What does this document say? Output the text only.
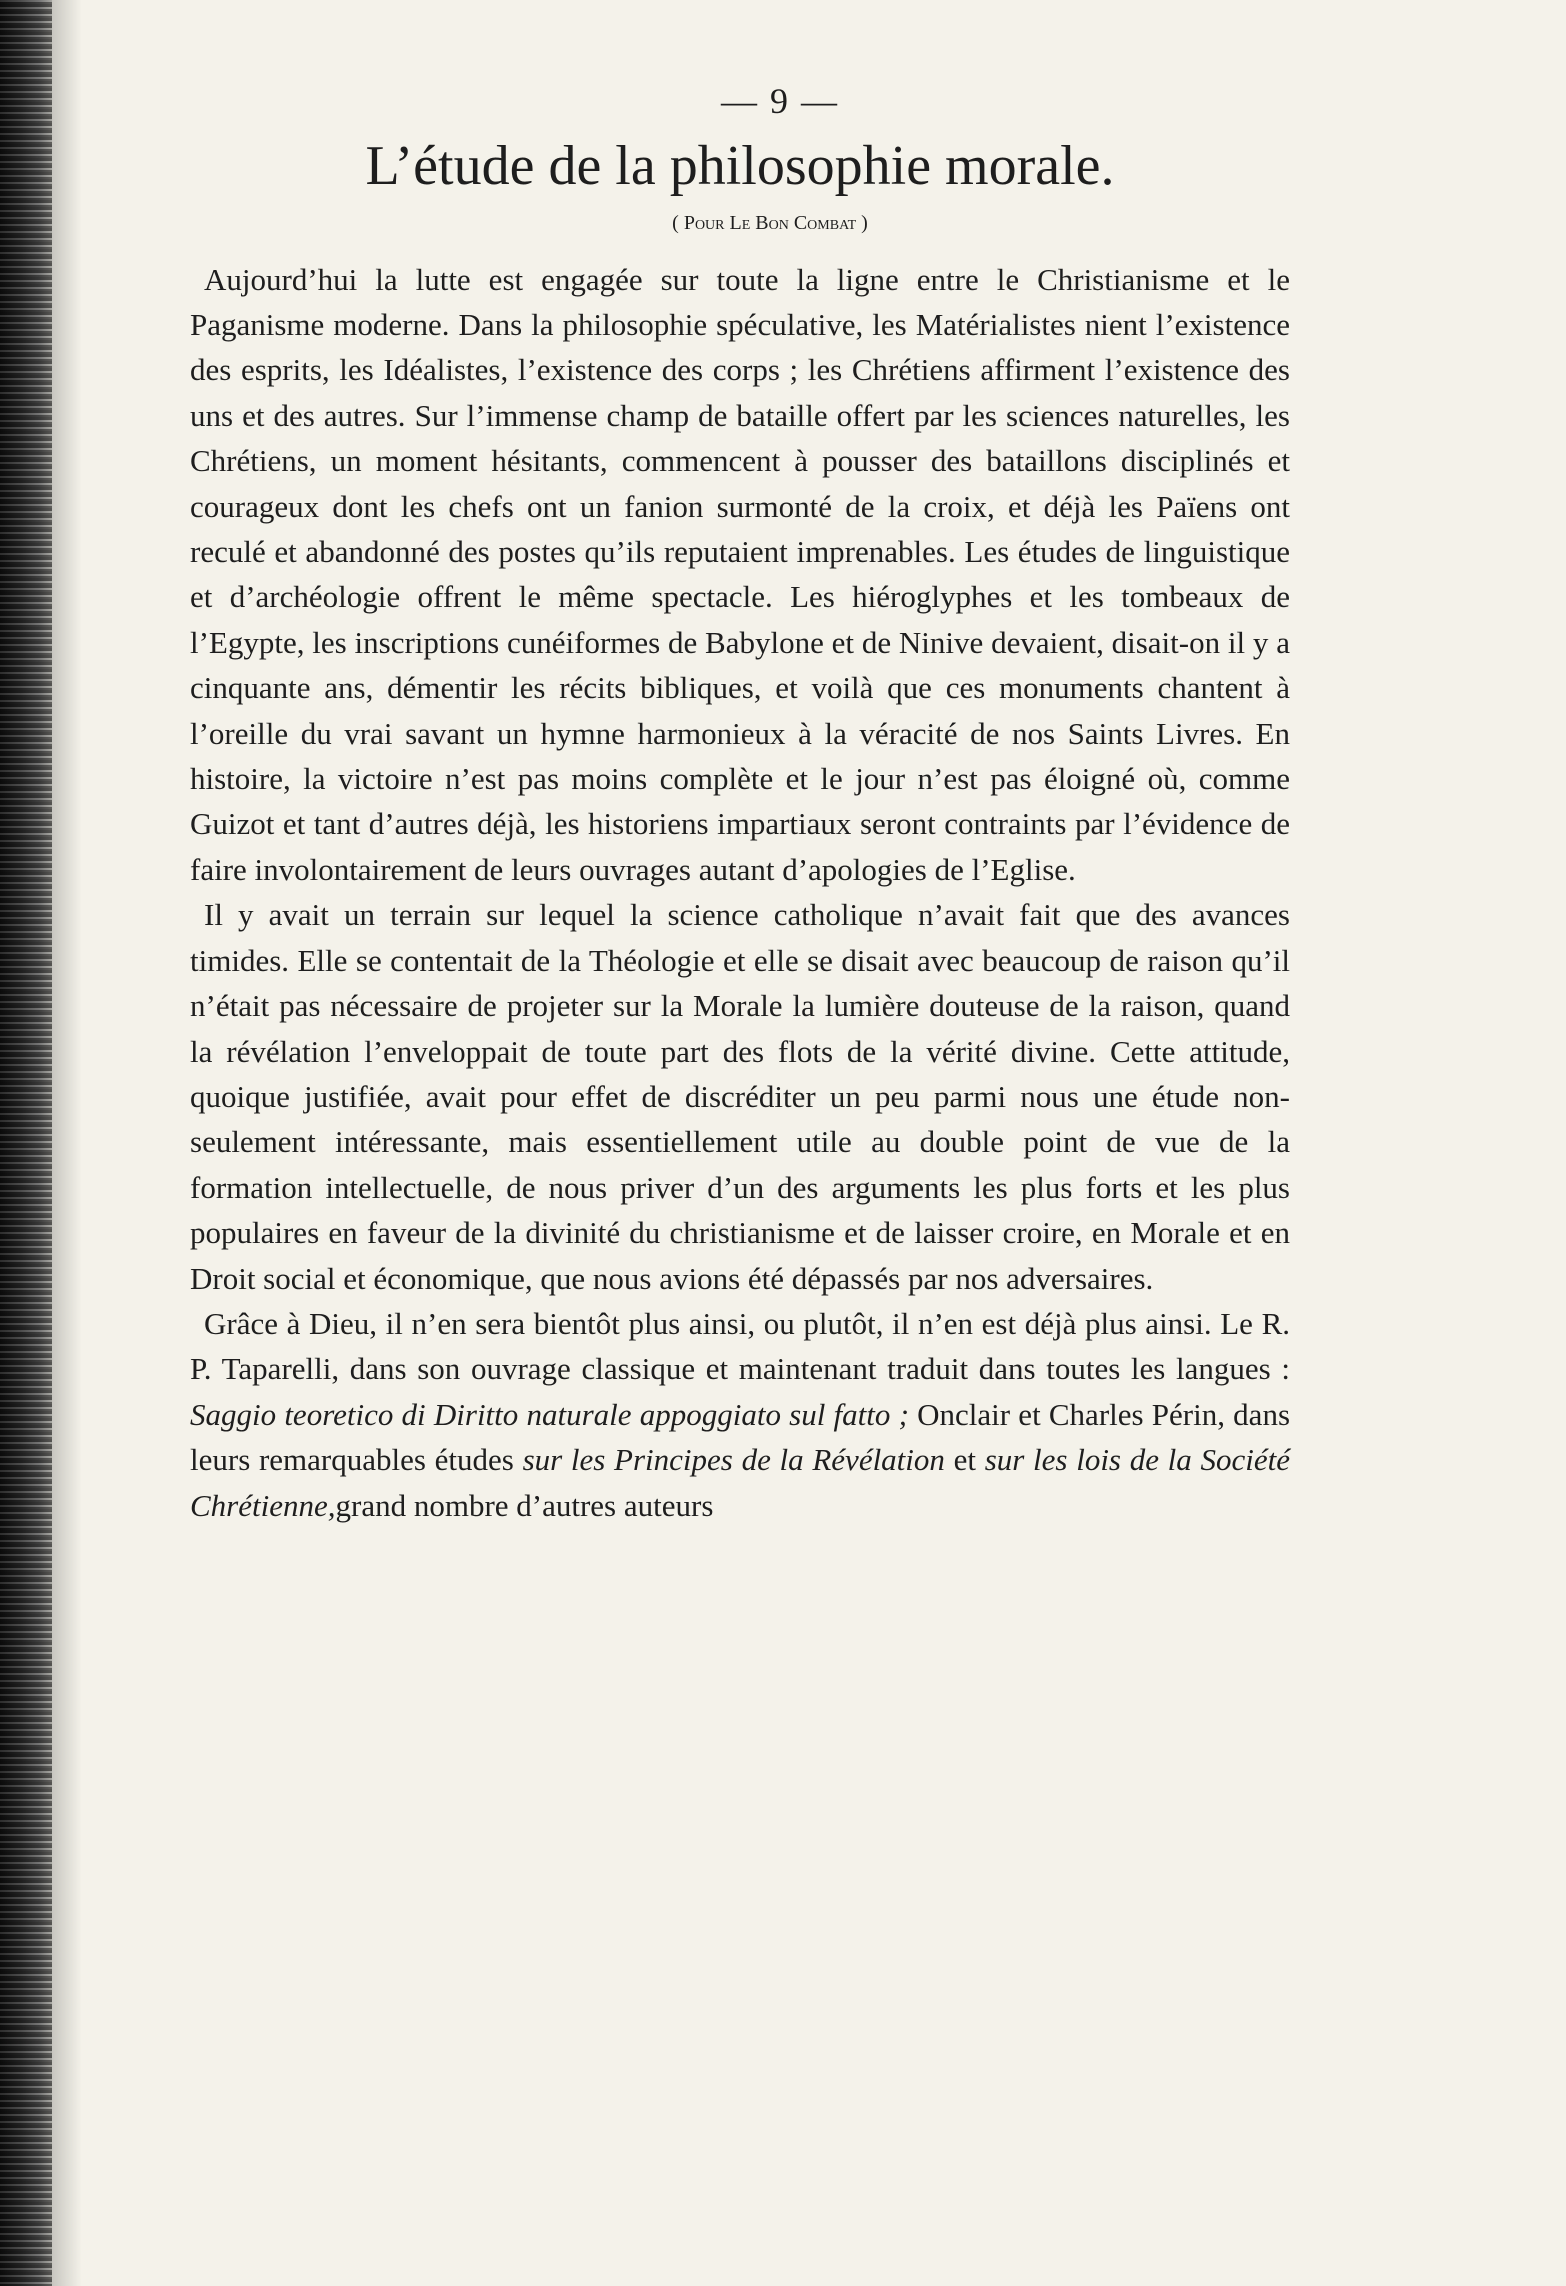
— 9 —
L’étude de la philosophie morale.
( Pour Le Bon Combat )

Aujourd’hui la lutte est engagée sur toute la ligne entre le Christianisme et le Paganisme moderne. Dans la philosophie spéculative, les Matérialistes nient l’existence des esprits, les Idéalistes, l’existence des corps ; les Chrétiens affirment l’existence des uns et des autres. Sur l’immense champ de bataille offert par les sciences naturelles, les Chrétiens, un moment hésitants, commencent à pousser des bataillons disciplinés et courageux dont les chefs ont un fanion surmonté de la croix, et déjà les Païens ont reculé et abandonné des postes qu’ils reputaient imprenables. Les études de linguistique et d’archéologie offrent le même spectacle. Les hiéroglyphes et les tombeaux de l’Egypte, les inscriptions cunéiformes de Babylone et de Ninive devaient, disait-on il y a cinquante ans, démentir les récits bibliques, et voilà que ces monuments chantent à l’oreille du vrai savant un hymne harmonieux à la véracité de nos Saints Livres. En histoire, la victoire n’est pas moins complète et le jour n’est pas éloigné où, comme Guizot et tant d’autres déjà, les historiens impartiaux seront contraints par l’évidence de faire involontairement de leurs ouvrages autant d’apologies de l’Eglise.

Il y avait un terrain sur lequel la science catholique n’avait fait que des avances timides. Elle se contentait de la Théologie et elle se disait avec beaucoup de raison qu’il n’était pas nécessaire de projeter sur la Morale la lumière douteuse de la raison, quand la révélation l’enveloppait de toute part des flots de la vérité divine. Cette attitude, quoique justifiée, avait pour effet de discréditer un peu parmi nous une étude non-seulement intéressante, mais essentiellement utile au double point de vue de la formation intellectuelle, de nous priver d’un des arguments les plus forts et les plus populaires en faveur de la divinité du christianisme et de laisser croire, en Morale et en Droit social et économique, que nous avions été dépassés par nos adversaires.

Grâce à Dieu, il n’en sera bientôt plus ainsi, ou plutôt, il n’en est déjà plus ainsi. Le R. P. Taparelli, dans son ouvrage classique et maintenant traduit dans toutes les langues : Saggio teoretico di Diritto naturale appoggiato sul fatto ; Onclair et Charles Périn, dans leurs remarquables études sur les Principes de la Révélation et sur les lois de la Société Chrétienne,grand nombre d’autres auteurs
